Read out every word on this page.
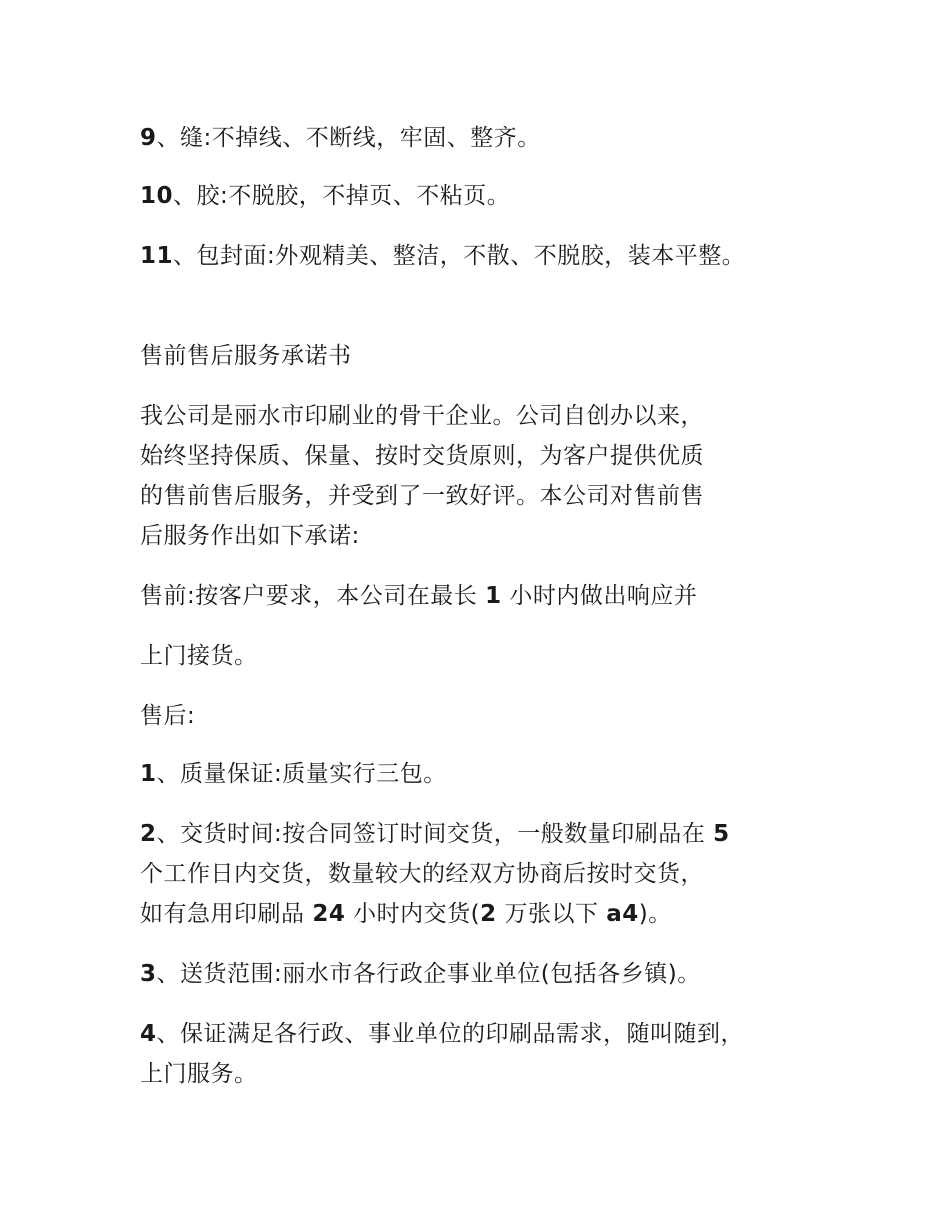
9、缝:不掉线、不断线，牢固、整齐。
10、胶:不脱胶，不掉页、不粘页。
11、包封面:外观精美、整洁，不散、不脱胶，装本平整。
售前售后服务承诺书
我公司是丽水市印刷业的骨干企业。公司自创办以来，
始终坚持保质、保量、按时交货原则，为客户提供优质
的售前售后服务，并受到了一致好评。本公司对售前售
后服务作出如下承诺:
售前:按客户要求，本公司在最长 1 小时内做出响应并
上门接货。
售后:
1、质量保证:质量实行三包。
2、交货时间:按合同签订时间交货，一般数量印刷品在 5
个工作日内交货，数量较大的经双方协商后按时交货，
如有急用印刷品 24 小时内交货(2 万张以下 a4)。
3、送货范围:丽水市各行政企事业单位(包括各乡镇)。
4、保证满足各行政、事业单位的印刷品需求，随叫随到，
上门服务。
